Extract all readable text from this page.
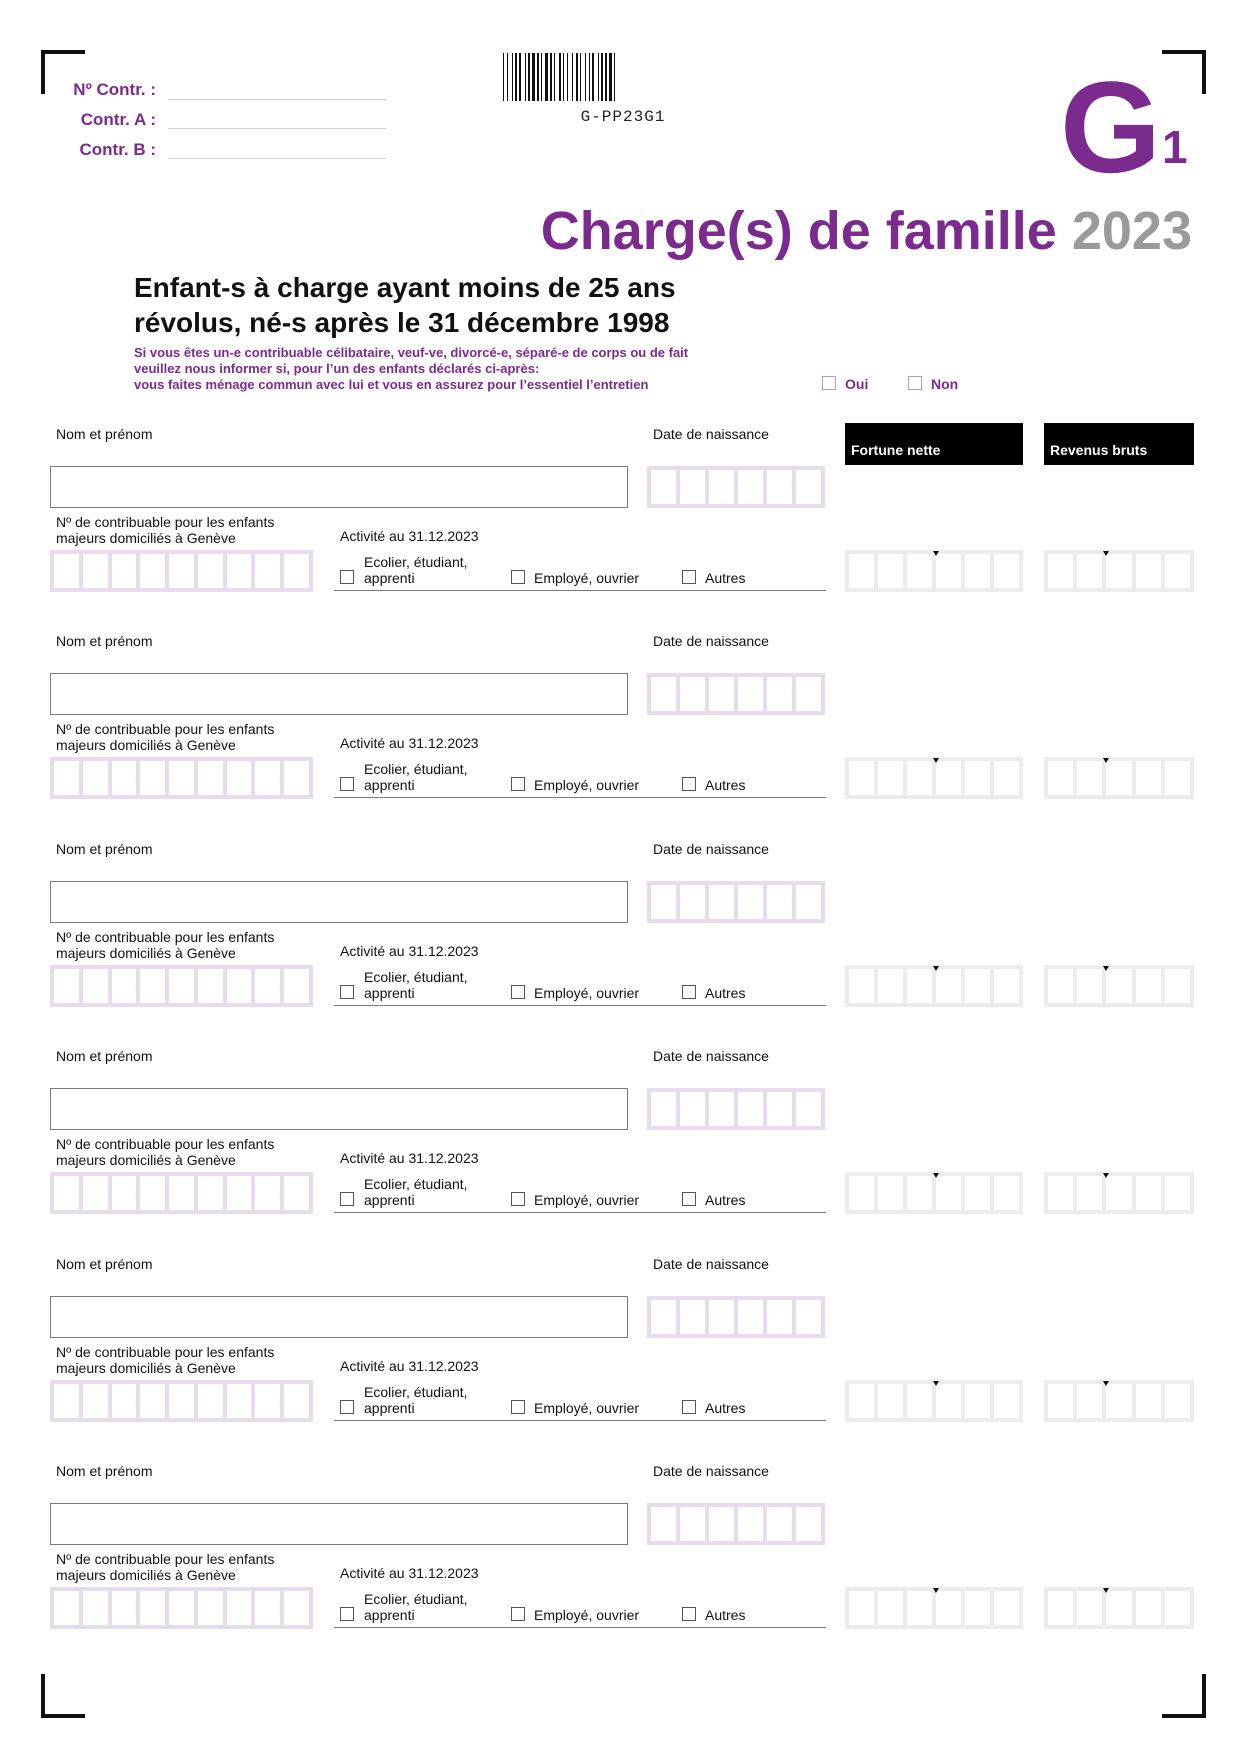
Nº Contr. :
Contr. A :
Contr. B :
G-PP23G1	G 1
Charge(s) de famille 2023
Enfant-s à charge ayant moins de 25 ans
révolus, né-s après le 31 décembre 1998
Si vous êtes un-e contribuable célibataire, veuf-ve, divorcé-e, séparé-e de corps ou de fait
veuillez nous informer si, pour l’un des enfants déclarés ci-après:
vous faites ménage commun avec lui et vous en assurez pour l’essentiel l’entretien	Oui	Non
Fortune nette	Revenus bruts
Nom et prénom	Date de naissance
Nº de contribuable pour les enfants
majeurs domiciliés à Genève	Activité au 31.12.2023
Ecolier, étudiant,
apprenti	Employé, ouvrier	Autres
Nom et prénom	Date de naissance
Nº de contribuable pour les enfants
majeurs domiciliés à Genève	Activité au 31.12.2023
Ecolier, étudiant,
apprenti	Employé, ouvrier	Autres
Nom et prénom	Date de naissance
Nº de contribuable pour les enfants
majeurs domiciliés à Genève	Activité au 31.12.2023
Ecolier, étudiant,
apprenti	Employé, ouvrier	Autres
Nom et prénom	Date de naissance
Nº de contribuable pour les enfants
majeurs domiciliés à Genève	Activité au 31.12.2023
Ecolier, étudiant,
apprenti	Employé, ouvrier	Autres
Nom et prénom	Date de naissance
Nº de contribuable pour les enfants
majeurs domiciliés à Genève	Activité au 31.12.2023
Ecolier, étudiant,
apprenti	Employé, ouvrier	Autres
Nom et prénom	Date de naissance
Nº de contribuable pour les enfants
majeurs domiciliés à Genève	Activité au 31.12.2023
Ecolier, étudiant,
apprenti	Employé, ouvrier	Autres
